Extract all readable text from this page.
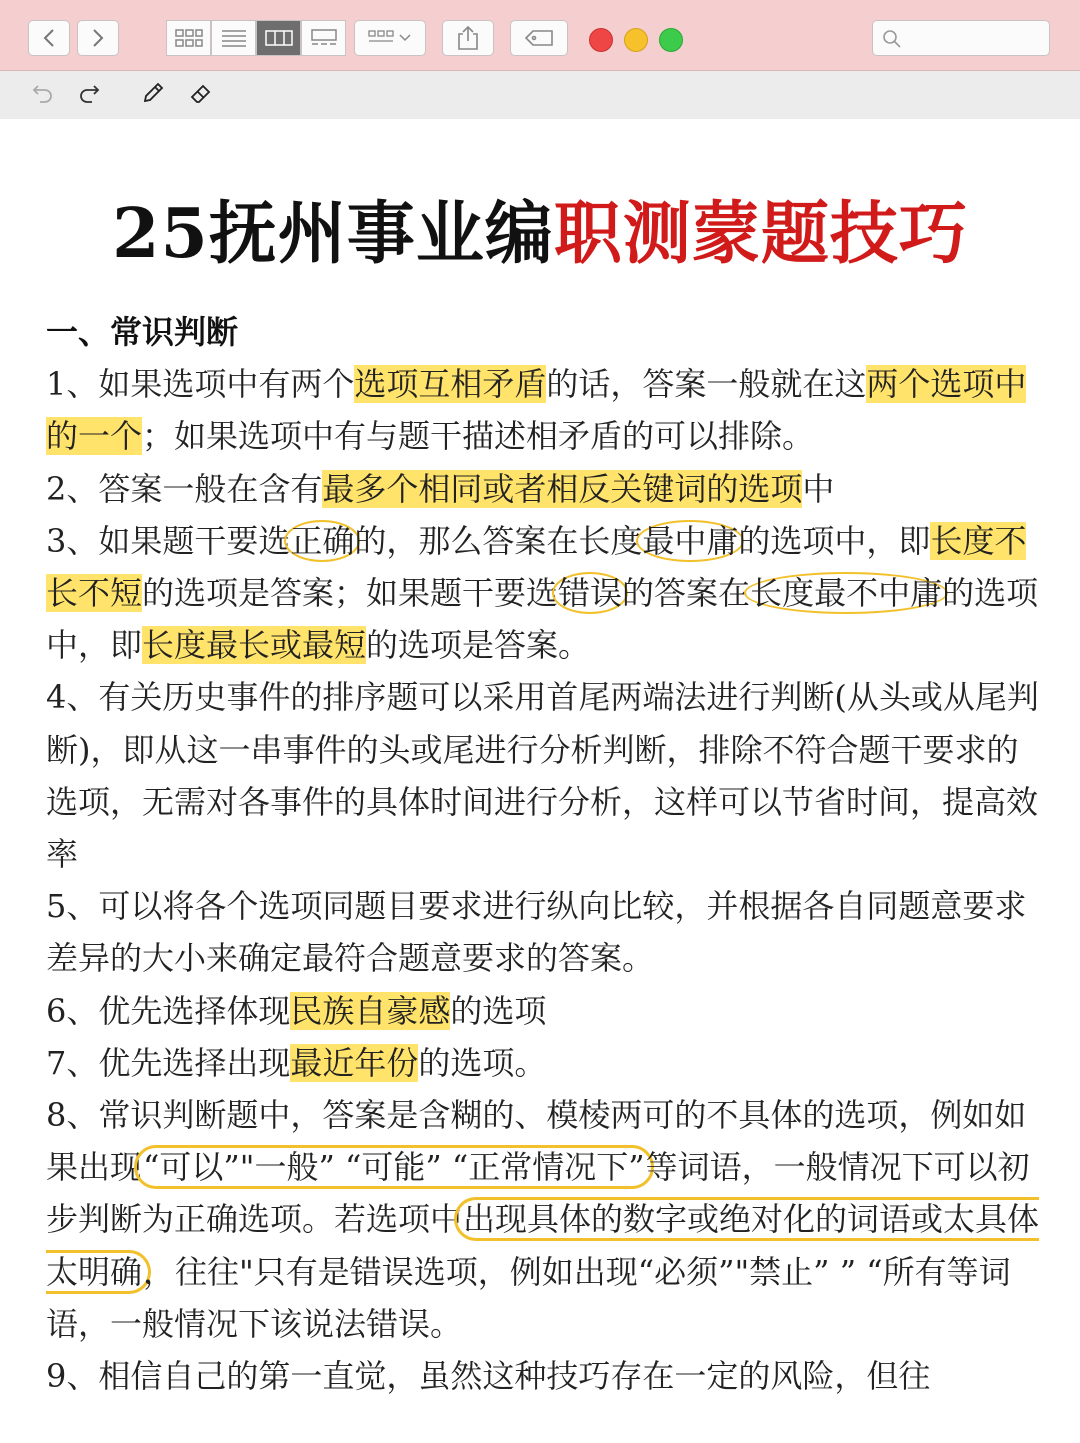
25抚州事业编职测蒙题技巧

一、常识判断

1、如果选项中有两个选项互相矛盾的话，答案一般就在这两个选项中的一个；如果选项中有与题干描述相矛盾的可以排除。

2、答案一般在含有最多个相同或者相反关键词的选项中

3、如果题干要选正确的，那么答案在长度最中庸的选项中，即长度不长不短的选项是答案；如果题干要选错误的答案在长度最不中庸的选项中，即长度最长或最短的选项是答案。

4、有关历史事件的排序题可以采用首尾两端法进行判断(从头或从尾判断)，即从这一串事件的头或尾进行分析判断，排除不符合题干要求的选项，无需对各事件的具体时间进行分析，这样可以节省时间，提高效率

5、可以将各个选项同题目要求进行纵向比较，并根据各自同题意要求差异的大小来确定最符合题意要求的答案。

6、优先选择体现民族自豪感的选项

7、优先选择出现最近年份的选项。

8、常识判断题中，答案是含糊的、模棱两可的不具体的选项，例如如果出现“可以”"一般” “可能” “正常情况下”等词语，一般情况下可以初步判断为正确选项。若选项中出现具体的数字或绝对化的词语或太具体太明确，往往"只有是错误选项，例如出现“必须”"禁止” ” “所有等词语，一般情况下该说法错误。

9、相信自己的第一直觉，虽然这种技巧存在一定的风险，但往
